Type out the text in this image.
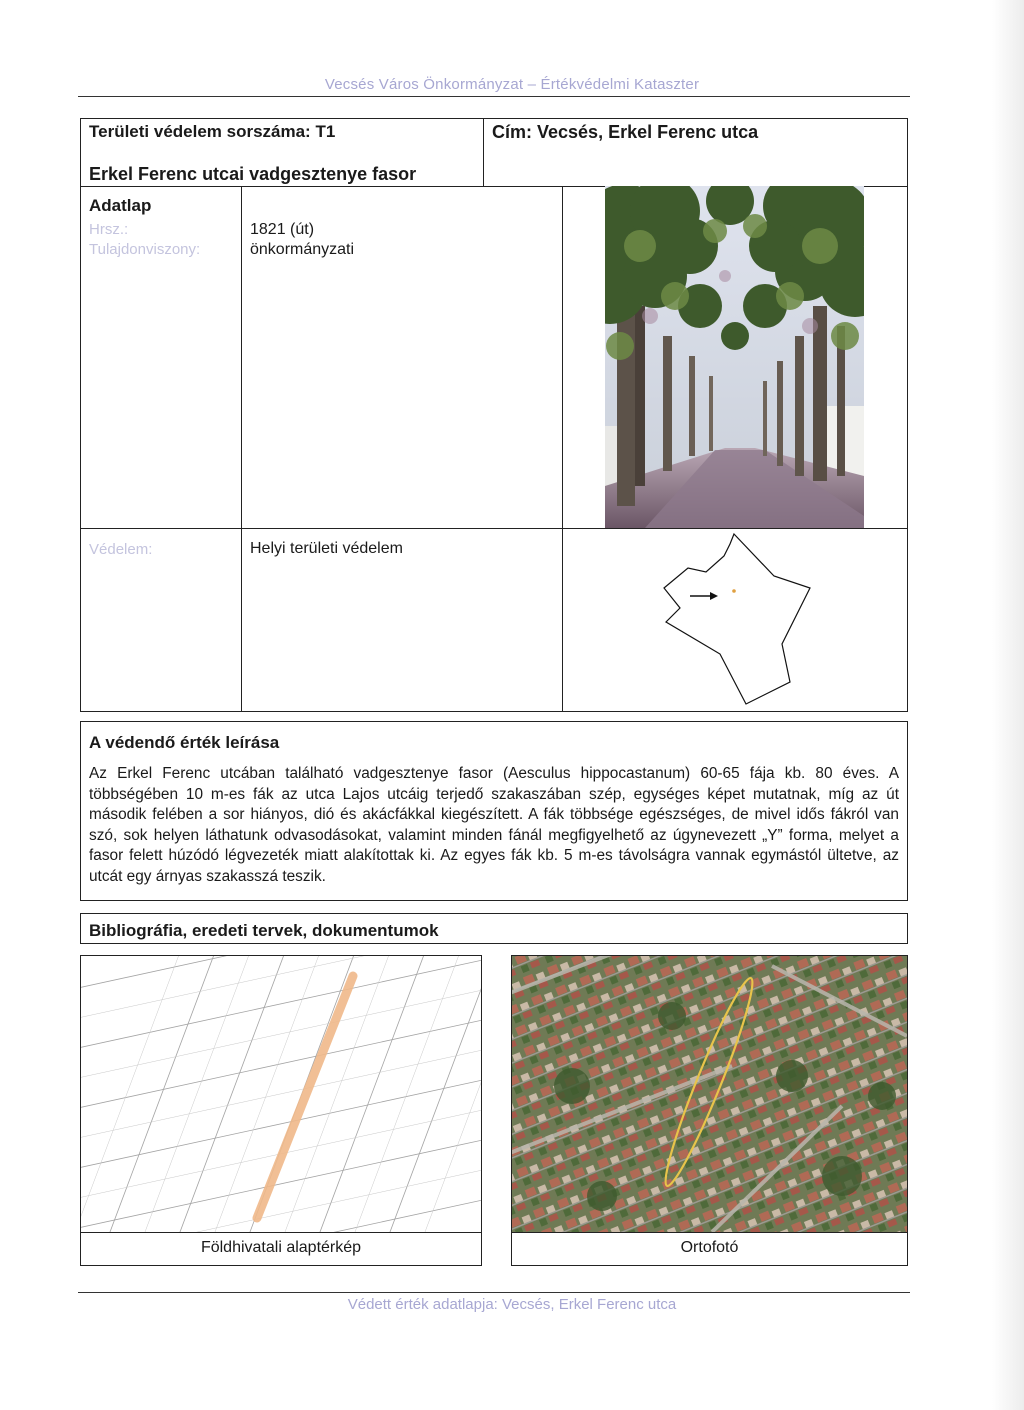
Vecsés Város Önkormányzat – Értékvédelmi Kataszter
Területi védelem sorszáma: T1	Cím: Vecsés, Erkel Ferenc utca
Erkel Ferenc utcai vadgesztenye fasor
Adatlap
Hrsz.:	1821 (út)
Tulajdonviszony:	önkormányzati
Védelem:	Helyi területi védelem
A védendő érték leírása
Az Erkel Ferenc utcában található vadgesztenye fasor (Aesculus hippocastanum) 60-65 fája kb. 80 éves. A többségében 10 m-es fák az utca Lajos utcáig terjedő szakaszában szép, egységes képet mutatnak, míg az út második felében a sor hiányos, dió és akácfákkal kiegészített. A fák többsége egészséges, de mivel idős fákról van szó, sok helyen láthatunk odvasodásokat, valamint minden fánál megfigyelhető az úgynevezett „Y” forma, melyet a fasor felett húzódó légvezeték miatt alakítottak ki. Az egyes fák kb. 5 m-es távolságra vannak egymástól ültetve, az utcát egy árnyas szakasszá teszik.
Bibliográfia, eredeti tervek, dokumentumok
Földhivatali alaptérkép	Ortofotó
Védett érték adatlapja: Vecsés, Erkel Ferenc utca
